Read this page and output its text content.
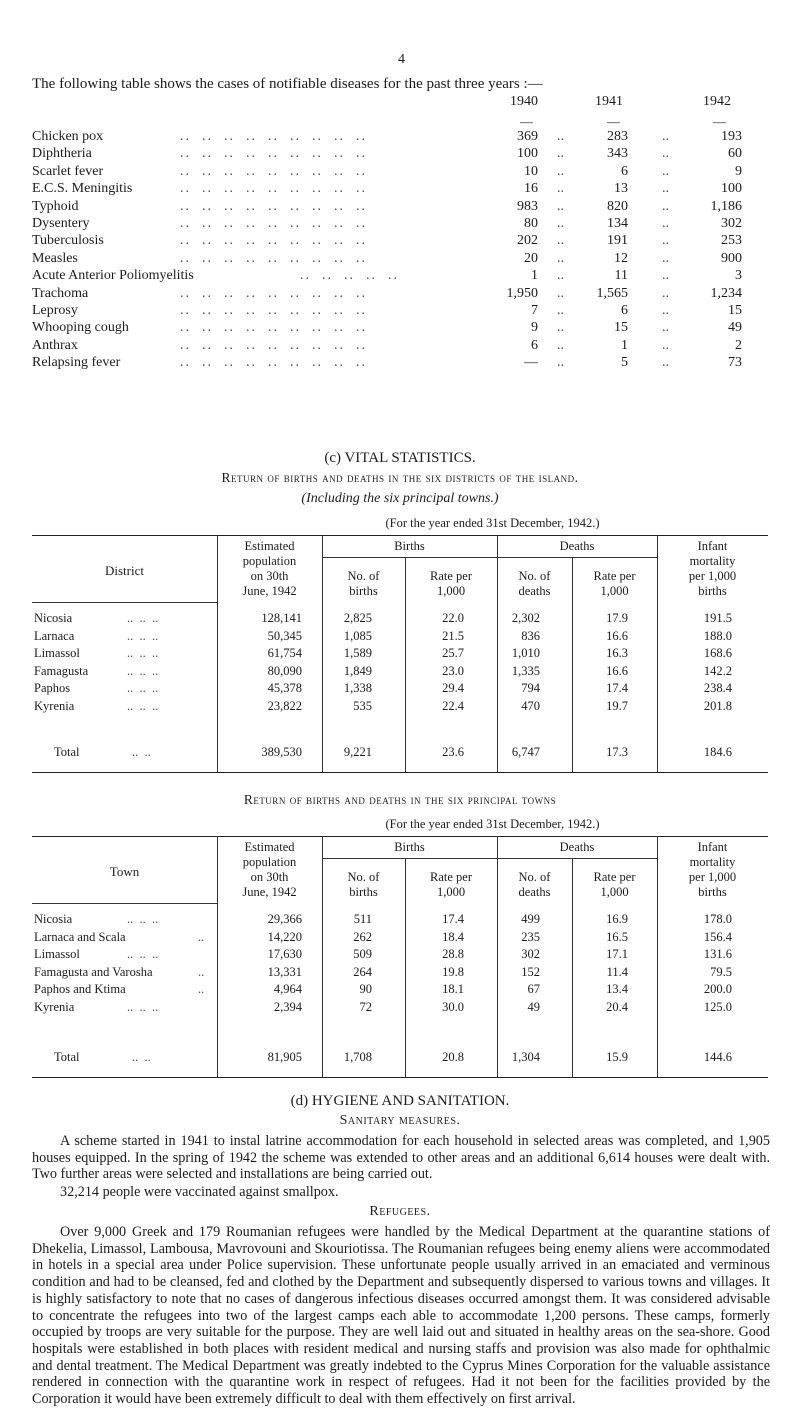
4
The following table shows the cases of notifiable diseases for the past three years :—
1940	1941	1942
—	—	—
Chicken pox	..  ..  ..  ..  ..  ..  ..  ..  ..	369 ..	283 ..	193
Diphtheria	..  ..  ..  ..  ..  ..  ..  ..  ..	100 ..	343 ..	60
Scarlet fever	..  ..  ..  ..  ..  ..  ..  ..  ..	10 ..	6 ..	9
E.C.S. Meningitis	..  ..  ..  ..  ..  ..  ..  ..  ..	16 ..	13 ..	100
Typhoid	..  ..  ..  ..  ..  ..  ..  ..  ..	983 ..	820 ..	1,186
Dysentery	..  ..  ..  ..  ..  ..  ..  ..  ..	80 ..	134 ..	302
Tuberculosis	..  ..  ..  ..  ..  ..  ..  ..  ..	202 ..	191 ..	253
Measles	..  ..  ..  ..  ..  ..  ..  ..  ..	20 ..	12 ..	900
Acute Anterior Poliomyelitis	..  ..  ..  ..  ..	1 ..	11 ..	3
Trachoma	..  ..  ..  ..  ..  ..  ..  ..  ..	1,950 .. 1,565 ..	1,234
Leprosy	..  ..  ..  ..  ..  ..  ..  ..  ..	7 ..	6 ..	15
Whooping cough	..  ..  ..  ..  ..  ..  ..  ..  ..	9 ..	15 ..	49
Anthrax	..  ..  ..  ..  ..  ..  ..  ..  ..	6 ..	1 ..	2
Relapsing fever	..  ..  ..  ..  ..  ..  ..  ..  ..	— ..	5 ..	73
(c) VITAL STATISTICS.
Return of births and deaths in the six districts of the island.
(Including the six principal towns.)
(For the year ended 31st December, 1942.)
District
Estimated
population
on 30th
June, 1942
Births	Deaths	Infant
mortality
per 1,000
births
No. of
births
Rate per
1,000
No. of
deaths
Rate per
1,000
Nicosia	..  ..  ..	128,141	2,825	22.0	2,302	17.9	191.5
Larnaca	..  ..  ..	50,345	1,085	21.5	836	16.6	188.0
Limassol	..  ..  ..	61,754	1,589	25.7	1,010	16.3	168.6
Famagusta	..  ..  ..	80,090	1,849	23.0	1,335	16.6	142.2
Paphos	..  ..  ..	45,378	1,338	29.4	794	17.4	238.4
Kyrenia	..  ..  ..	23,822	535	22.4	470	19.7	201.8
Total	..  ..	389,530	9,221	23.6	6,747	17.3	184.6
Return of births and deaths in the six principal towns
(For the year ended 31st December, 1942.)
Town
Estimated
population
on 30th
June, 1942
Births	Deaths	Infant
mortality
per 1,000
births
No. of
births
Rate per
1,000
No. of
deaths
Rate per
1,000
Nicosia	..  ..  ..	29,366	511	17.4	499	16.9	178.0
Larnaca and Scala	..	14,220	262	18.4	235	16.5	156.4
Limassol	..  ..  ..	17,630	509	28.8	302	17.1	131.6
Famagusta and Varosha	..	13,331	264	19.8	152	11.4	79.5
Paphos and Ktima	..	4,964	90	18.1	67	13.4	200.0
Kyrenia	..  ..  ..	2,394	72	30.0	49	20.4	125.0
Total	..  ..	81,905	1,708	20.8	1,304	15.9	144.6
(d) HYGIENE AND SANITATION.
Sanitary measures.

A scheme started in 1941 to instal latrine accommodation for each household in selected areas was completed, and 1,905 houses equipped. In the spring of 1942 the scheme was extended to other areas and an additional 6,614 houses were dealt with. Two further areas were selected and installations are being carried out.

32,214 people were vaccinated against smallpox.
Refugees.

Over 9,000 Greek and 179 Roumanian refugees were handled by the Medical Department at the quarantine stations of Dhekelia, Limassol, Lambousa, Mavrovouni and Skouriotissa. The Roumanian refugees being enemy aliens were accommodated in hotels in a special area under Police supervision. These unfortunate people usually arrived in an emaciated and verminous condition and had to be cleansed, fed and clothed by the Department and subsequently dispersed to various towns and villages. It is highly satisfactory to note that no cases of dangerous infectious diseases occurred amongst them. It was considered advisable to concentrate the refugees into two of the largest camps each able to accommodate 1,200 persons. These camps, formerly occupied by troops are very suitable for the purpose. They are well laid out and situated in healthy areas on the sea-shore. Good hospitals were established in both places with resident medical and nursing staffs and provision was also made for ophthalmic and dental treatment. The Medical Department was greatly indebted to the Cyprus Mines Corporation for the valuable assistance rendered in connection with the quarantine work in respect of refugees. Had it not been for the facilities provided by the Corporation it would have been extremely difficult to deal with them effectively on first arrival.
